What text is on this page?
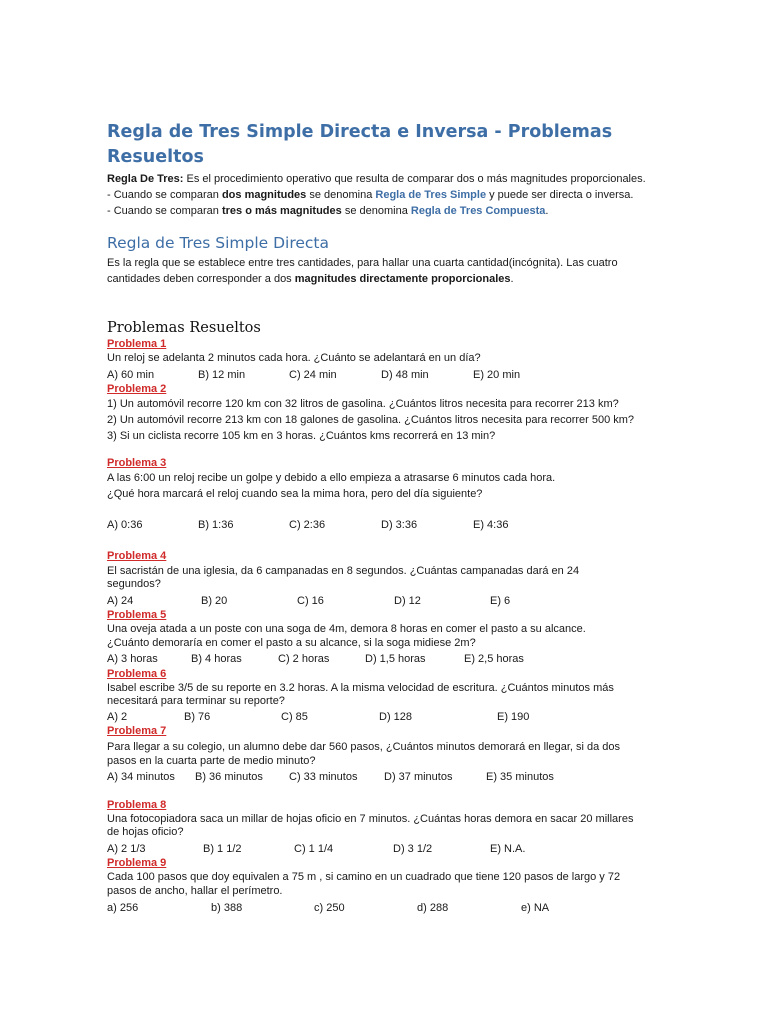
Regla de Tres Simple Directa e Inversa - Problemas
Resueltos
Regla De Tres: Es el procedimiento operativo que resulta de comparar dos o más magnitudes proporcionales.
- Cuando se comparan dos magnitudes se denomina Regla de Tres Simple y puede ser directa o inversa.
- Cuando se comparan tres o más magnitudes se denomina Regla de Tres Compuesta.
Regla de Tres Simple Directa
Es la regla que se establece entre tres cantidades, para hallar una cuarta cantidad(incógnita). Las cuatro
cantidades deben corresponder a dos magnitudes directamente proporcionales.
Problemas Resueltos
Problema 1
Un reloj se adelanta 2 minutos cada hora. ¿Cuánto se adelantará en un día?
A) 60 min	B) 12 min	C) 24 min	D) 48 min	E) 20 min
Problema 2
1) Un automóvil recorre 120 km con 32 litros de gasolina. ¿Cuántos litros necesita para recorrer 213 km?
2) Un automóvil recorre 213 km con 18 galones de gasolina. ¿Cuántos litros necesita para recorrer 500 km?
3) Si un ciclista recorre 105 km en 3 horas. ¿Cuántos kms recorrerá en 13 min?
Problema 3
A las 6:00 un reloj recibe un golpe y debido a ello empieza a atrasarse 6 minutos cada hora.
¿Qué hora marcará el reloj cuando sea la mima hora, pero del día siguiente?
A) 0:36	B) 1:36	C) 2:36	D) 3:36	E) 4:36
Problema 4
El sacristán de una iglesia, da 6 campanadas en 8 segundos. ¿Cuántas campanadas dará en 24
segundos?
A) 24	B) 20	C) 16	D) 12	E) 6
Problema 5
Una oveja atada a un poste con una soga de 4m, demora 8 horas en comer el pasto a su alcance.
¿Cuánto demoraría en comer el pasto a su alcance, si la soga midiese 2m?
A) 3 horas	B) 4 horas	C) 2 horas	D) 1,5 horas	E) 2,5 horas
Problema 6
Isabel escribe 3/5 de su reporte en 3.2 horas. A la misma velocidad de escritura. ¿Cuántos minutos más
necesitará para terminar su reporte?
A) 2	B) 76	C) 85	D) 128	E) 190
Problema 7
Para llegar a su colegio, un alumno debe dar 560 pasos, ¿Cuántos minutos demorará en llegar, si da dos
pasos en la cuarta parte de medio minuto?
A) 34 minutos B) 36 minutos C) 33 minutos D) 37 minutos	E) 35 minutos
Problema 8
Una fotocopiadora saca un millar de hojas oficio en 7 minutos. ¿Cuántas horas demora en sacar 20 millares
de hojas oficio?
A) 2 1/3	B) 1 1/2	C) 1 1/4	D) 3 1/2	E) N.A.
Problema 9
Cada 100 pasos que doy equivalen a 75 m , si camino en un cuadrado que tiene 120 pasos de largo y 72
pasos de ancho, hallar el perímetro.
a) 256	b) 388	c) 250	d) 288	e) NA
